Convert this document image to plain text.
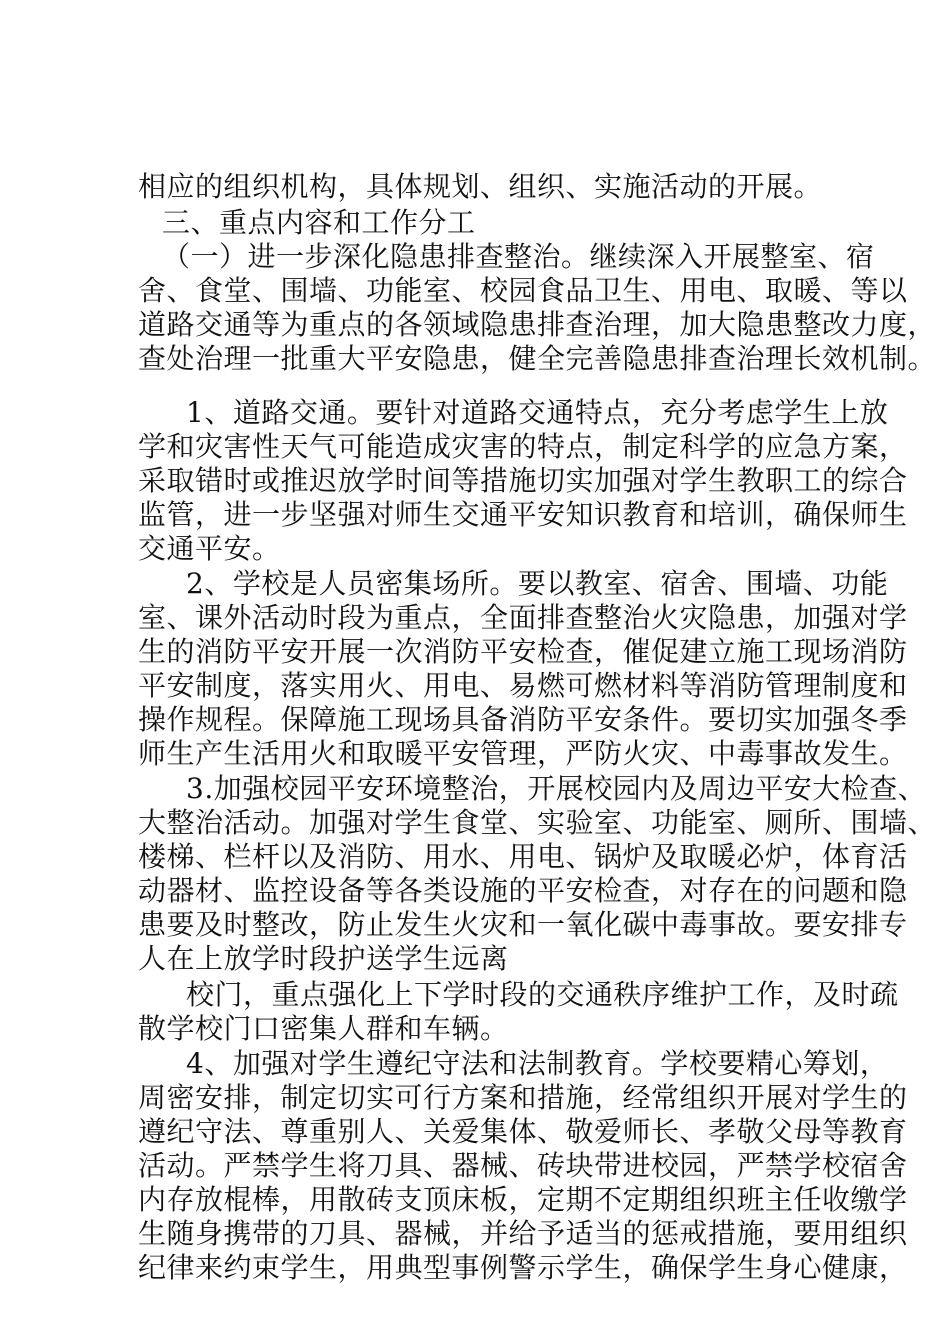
相应的组织机构，具体规划、组织、实施活动的开展。
三、重点内容和工作分工
（一）进一步深化隐患排查整治。继续深入开展整室、宿
舍、食堂、围墙、功能室、校园食品卫生、用电、取暖、等以
道路交通等为重点的各领域隐患排查治理，加大隐患整改力度，
查处治理一批重大平安隐患，健全完善隐患排查治理长效机制。
1、道路交通。要针对道路交通特点，充分考虑学生上放
学和灾害性天气可能造成灾害的特点，制定科学的应急方案，
采取错时或推迟放学时间等措施切实加强对学生教职工的综合
监管，进一步坚强对师生交通平安知识教育和培训，确保师生
交通平安。
2、学校是人员密集场所。要以教室、宿舍、围墙、功能
室、课外活动时段为重点，全面排查整治火灾隐患，加强对学
生的消防平安开展一次消防平安检查，催促建立施工现场消防
平安制度，落实用火、用电、易燃可燃材料等消防管理制度和
操作规程。保障施工现场具备消防平安条件。要切实加强冬季
师生产生活用火和取暖平安管理，严防火灾、中毒事故发生。
3.加强校园平安环境整治，开展校园内及周边平安大检查、
大整治活动。加强对学生食堂、实验室、功能室、厕所、围墙、
楼梯、栏杆以及消防、用水、用电、锅炉及取暖必炉，体育活
动器材、监控设备等各类设施的平安检查，对存在的问题和隐
患要及时整改，防止发生火灾和一氧化碳中毒事故。要安排专
人在上放学时段护送学生远离
校门，重点强化上下学时段的交通秩序维护工作，及时疏
散学校门口密集人群和车辆。
4、加强对学生遵纪守法和法制教育。学校要精心筹划，
周密安排，制定切实可行方案和措施，经常组织开展对学生的
遵纪守法、尊重别人、关爱集体、敬爱师长、孝敬父母等教育
活动。严禁学生将刀具、器械、砖块带进校园，严禁学校宿舍
内存放棍棒，用散砖支顶床板，定期不定期组织班主任收缴学
生随身携带的刀具、器械，并给予适当的惩戒措施，要用组织
纪律来约束学生，用典型事例警示学生，确保学生身心健康，
